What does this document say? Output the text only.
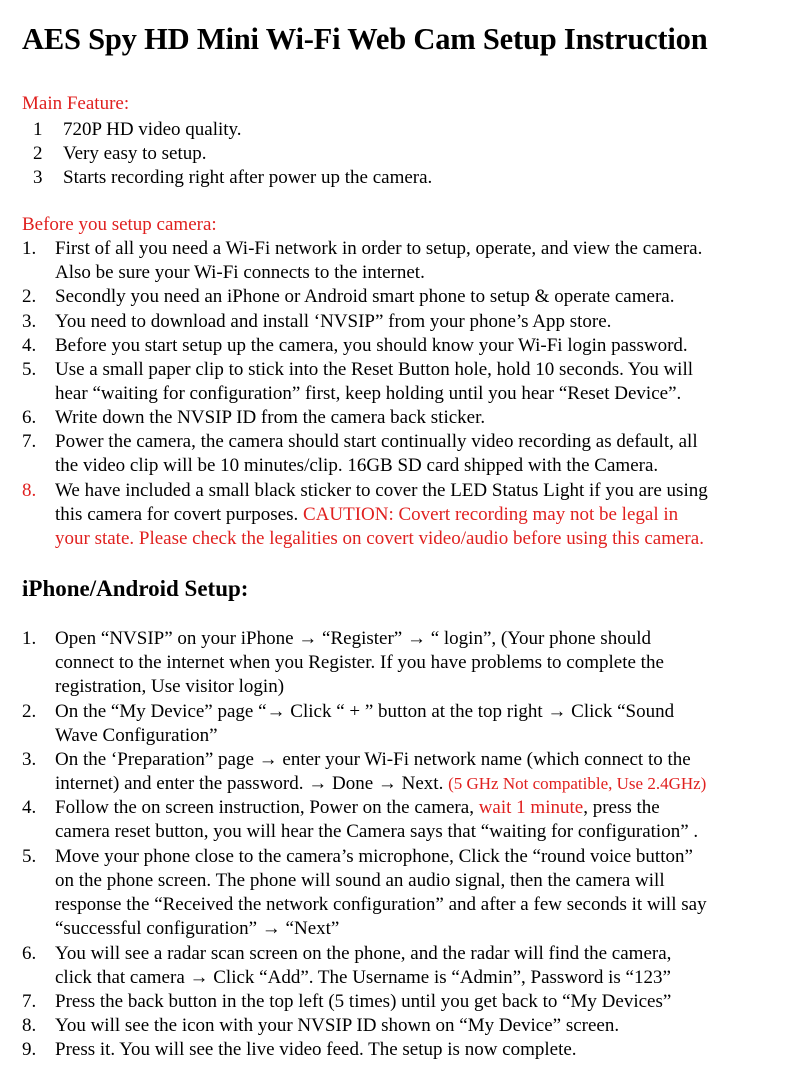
AES Spy HD Mini Wi-Fi Web Cam Setup Instruction
Main Feature:
1 720P HD video quality.
2 Very easy to setup.
3 Starts recording right after power up the camera.
Before you setup camera:
1. First of all you need a Wi-Fi network in order to setup, operate, and view the camera.
Also be sure your Wi-Fi connects to the internet.
2. Secondly you need an iPhone or Android smart phone to setup & operate camera.
3. You need to download and install ‘NVSIP” from your phone’s App store.
4. Before you start setup up the camera, you should know your Wi-Fi login password.
5. Use a small paper clip to stick into the Reset Button hole, hold 10 seconds. You will
hear “waiting for configuration” first, keep holding until you hear “Reset Device”.
6. Write down the NVSIP ID from the camera back sticker.
7. Power the camera, the camera should start continually video recording as default, all
the video clip will be 10 minutes/clip. 16GB SD card shipped with the Camera.
8. We have included a small black sticker to cover the LED Status Light if you are using
this camera for covert purposes. CAUTION: Covert recording may not be legal in
your state. Please check the legalities on covert video/audio before using this camera.
iPhone/Android Setup:
1. Open “NVSIP” on your iPhone → “Register” → “ login”, (Your phone should
connect to the internet when you Register. If you have problems to complete the
registration, Use visitor login)
2. On the “My Device” page “→ Click “ + ” button at the top right → Click “Sound
Wave Configuration”
3. On the ‘Preparation” page → enter your Wi-Fi network name (which connect to the
internet) and enter the password. → Done → Next. (5 GHz Not compatible, Use 2.4GHz)
4. Follow the on screen instruction, Power on the camera, wait 1 minute, press the
camera reset button, you will hear the Camera says that “waiting for configuration” .
5. Move your phone close to the camera’s microphone, Click the “round voice button”
on the phone screen. The phone will sound an audio signal, then the camera will
response the “Received the network configuration” and after a few seconds it will say
“successful configuration” → “Next”
6. You will see a radar scan screen on the phone, and the radar will find the camera,
click that camera → Click “Add”. The Username is “Admin”, Password is “123”
7. Press the back button in the top left (5 times) until you get back to “My Devices”
8. You will see the icon with your NVSIP ID shown on “My Device” screen.
9. Press it. You will see the live video feed. The setup is now complete.
